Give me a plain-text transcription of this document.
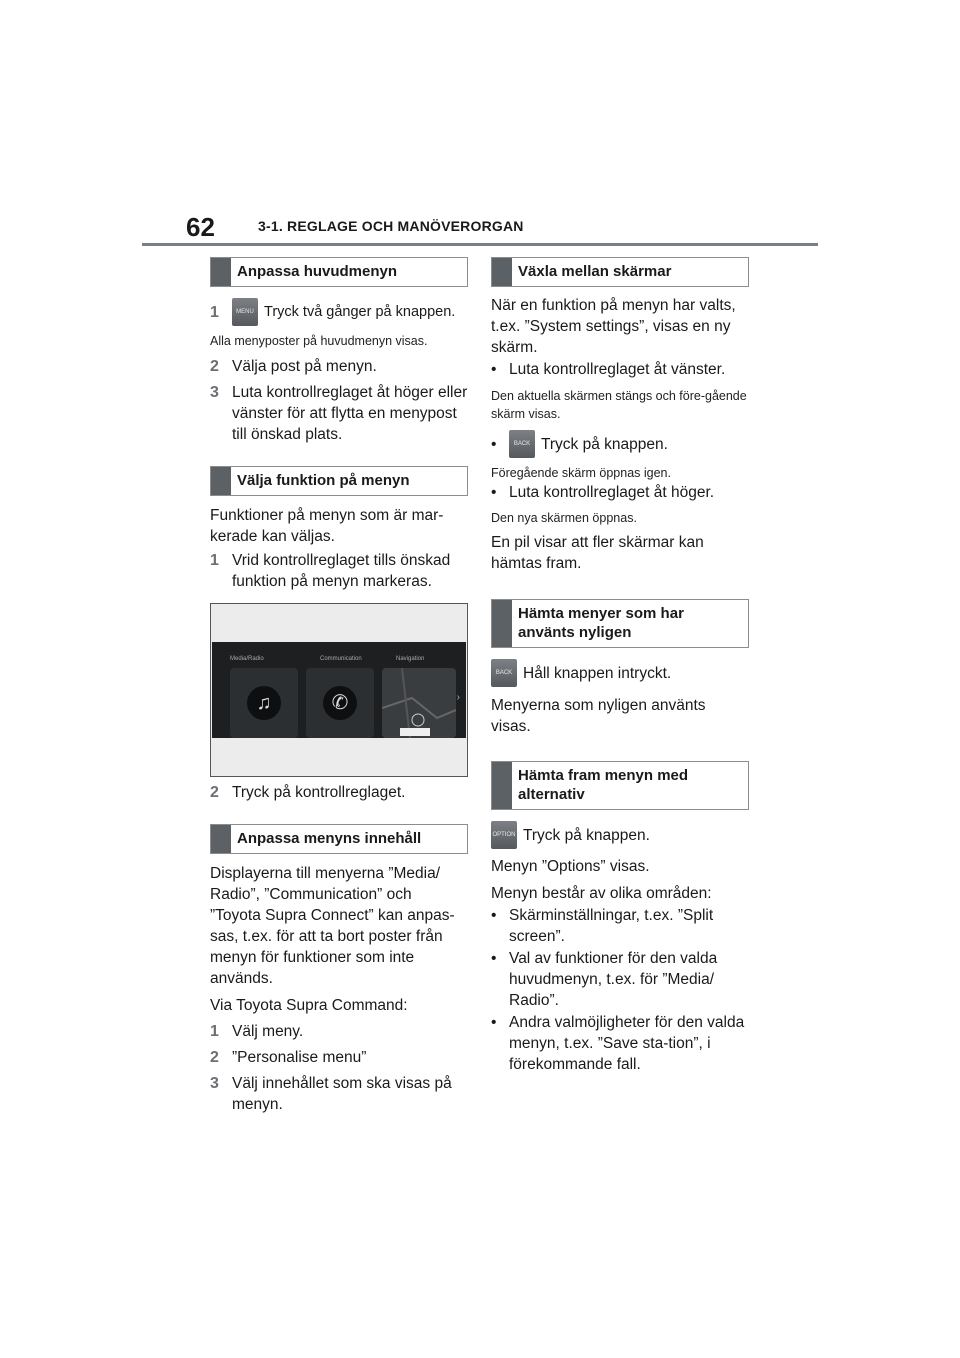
62	3-1. REGLAGE OCH MANÖVERORGAN
Anpassa huvudmenyn
1	MENU Tryck två gånger på knappen.

Alla menyposter på huvudmenyn visas.

2 Välja post på menyn.
3 Luta kontrollreglaget åt höger eller vänster för att flytta en menypost till önskad plats.
Välja funktion på menyn

Funktioner på menyn som är mar-kerade kan väljas.

1 Vrid kontrollreglaget tills önskad funktion på menyn markeras.
Media/Radio	Communication	Navigation
♫	✆	›
2 Tryck på kontrollreglaget.
Anpassa menyns innehåll

Displayerna till menyerna ”Media/ Radio”, ”Communication” och ”Toyota Supra Connect” kan anpas-sas, t.ex. för att ta bort poster från menyn för funktioner som inte används.

Via Toyota Supra Command:

1 Välj meny.
2 ”Personalise menu”
3 Välj innehållet som ska visas på menyn.
Växla mellan skärmar

När en funktion på menyn har valts, t.ex. ”System settings”, visas en ny skärm.

• Luta kontrollreglaget åt vänster.

Den aktuella skärmen stängs och före-gående skärm visas.

•	BACK Tryck på knappen.

Föregående skärm öppnas igen.

• Luta kontrollreglaget åt höger.

Den nya skärmen öppnas.

En pil visar att fler skärmar kan hämtas fram.

Hämta menyer som har använts nyligen
BACK Håll knappen intryckt.

Menyerna som nyligen använts visas.

Hämta fram menyn med alternativ
OPTION Tryck på knappen.

Menyn ”Options” visas.

Menyn består av olika områden:

• Skärminställningar, t.ex. ”Split screen”.
• Val av funktioner för den valda huvudmenyn, t.ex. för ”Media/ Radio”.
• Andra valmöjligheter för den valda menyn, t.ex. ”Save sta-tion”, i förekommande fall.
